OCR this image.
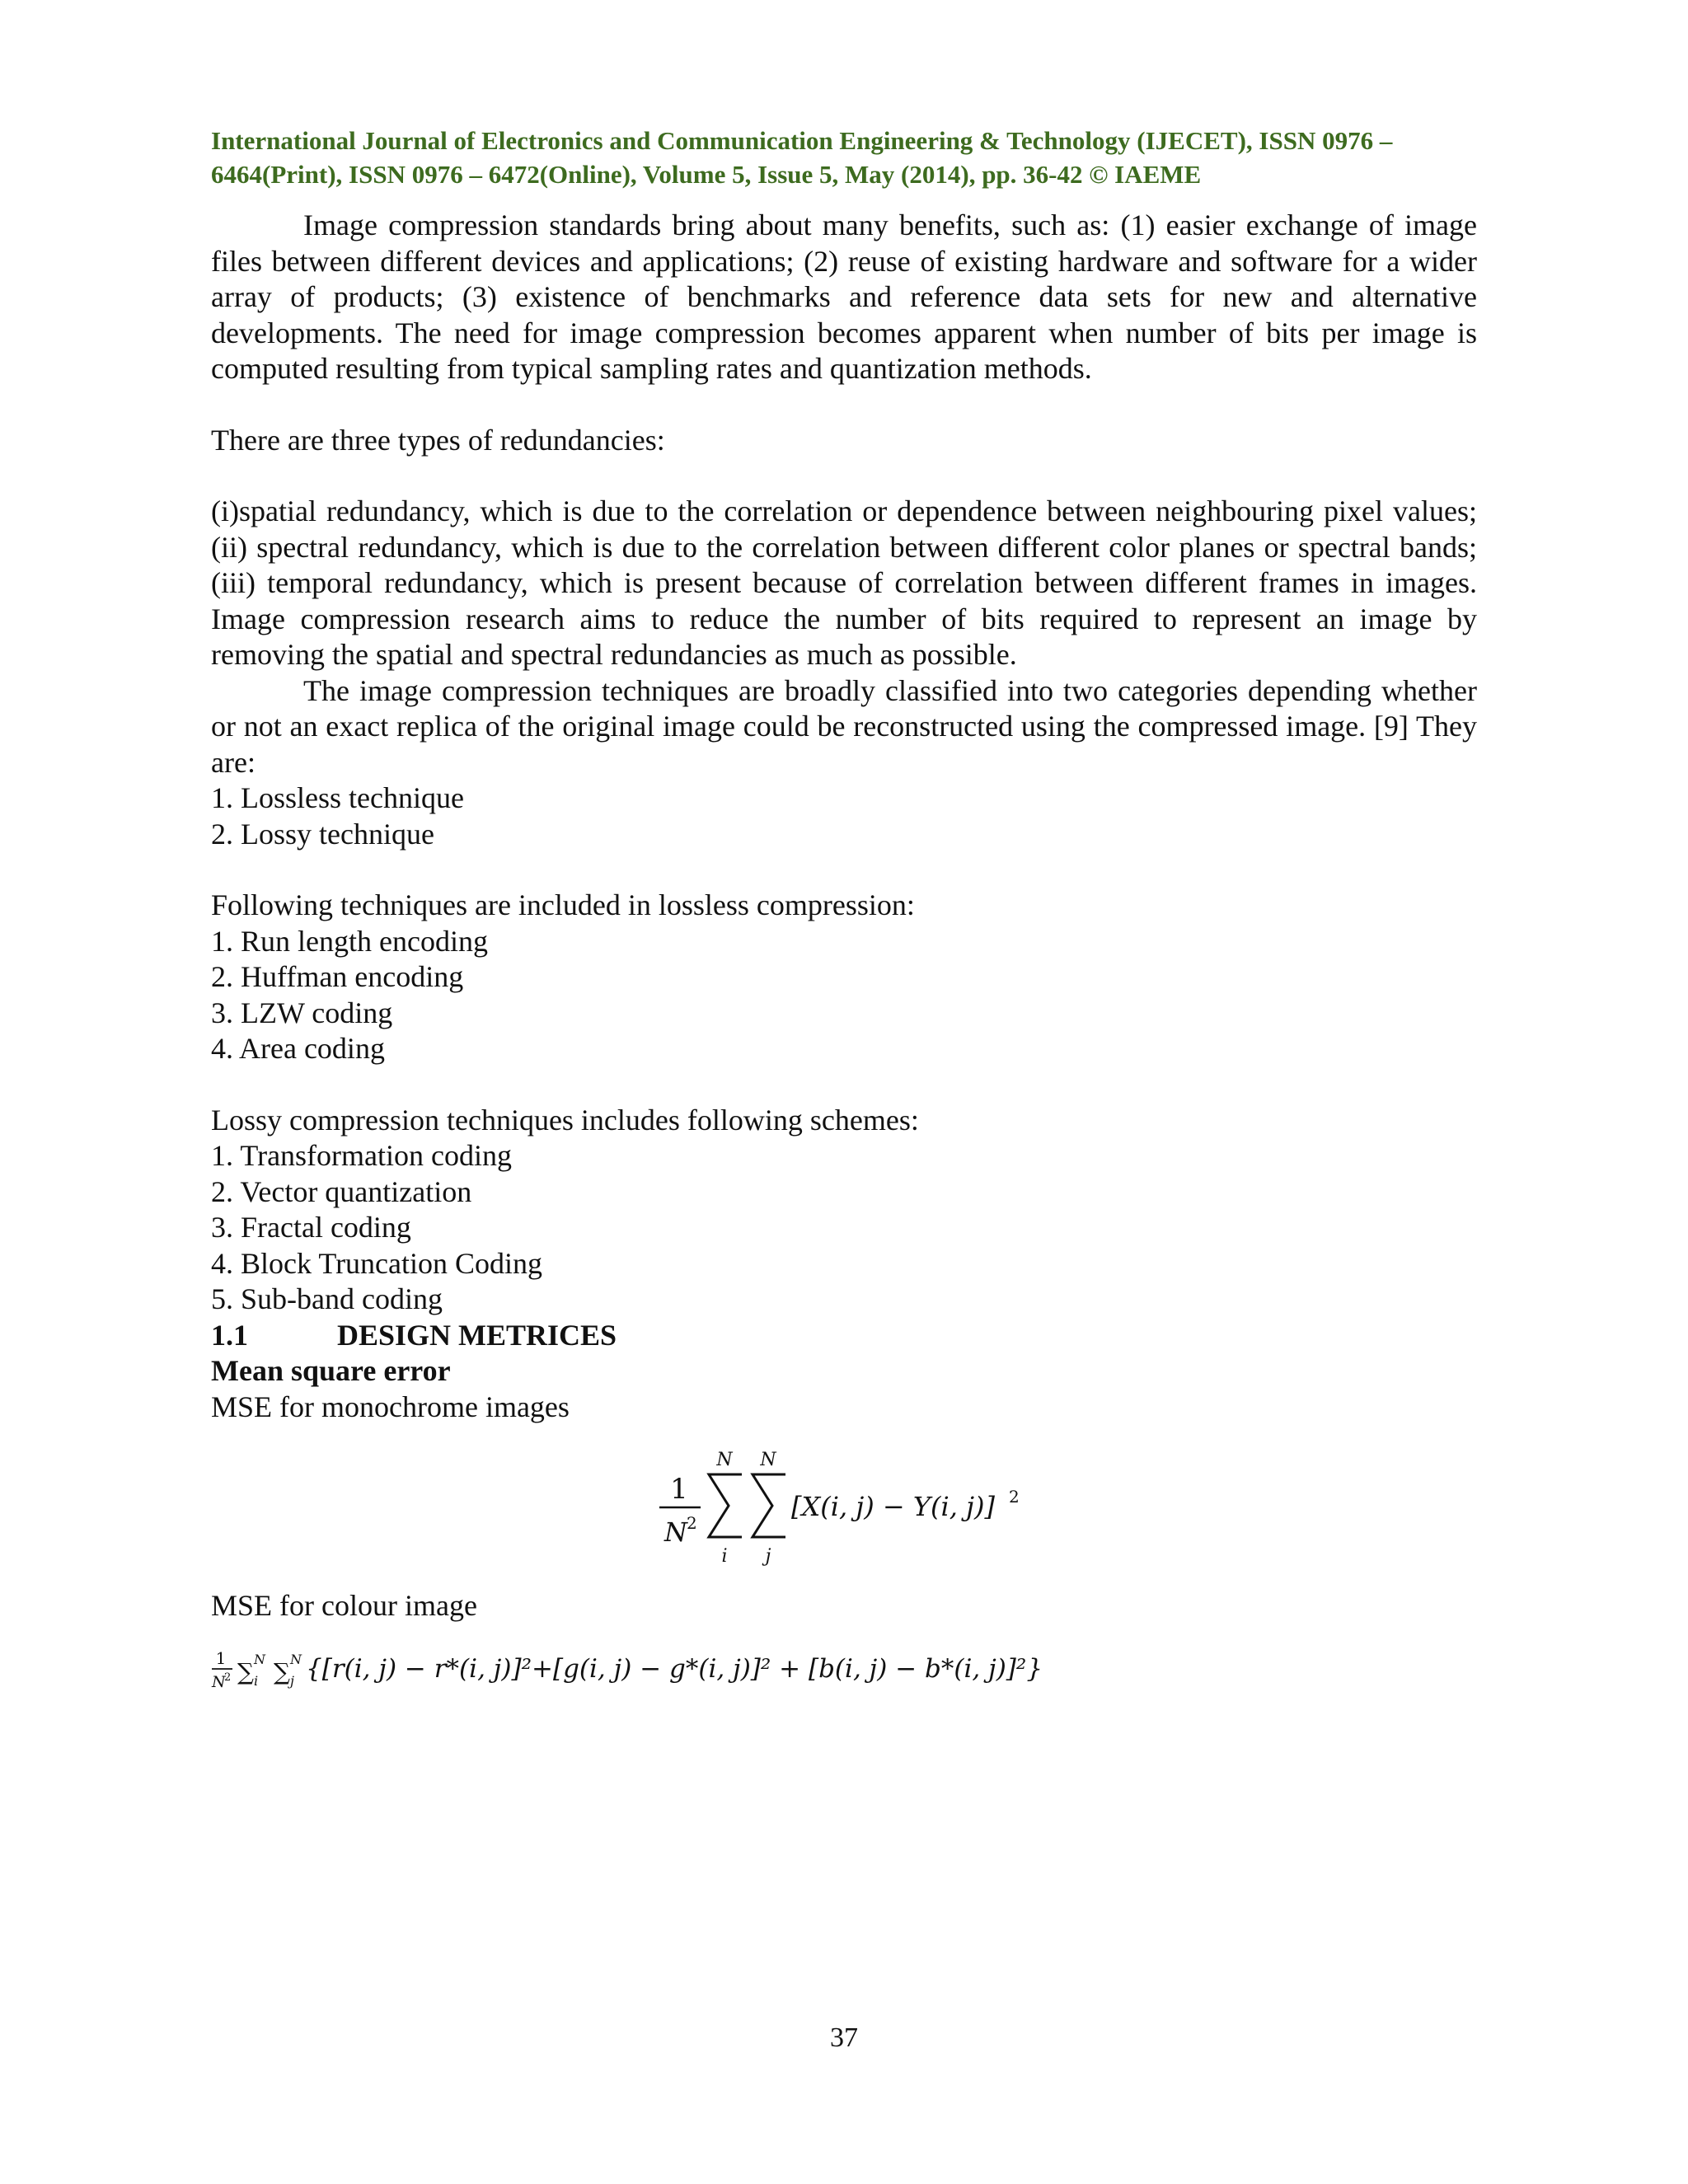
International Journal of Electronics and Communication Engineering & Technology (IJECET), ISSN 0976 –
6464(Print), ISSN 0976 – 6472(Online), Volume 5, Issue 5, May (2014), pp. 36-42 © IAEME

Image compression standards bring about many benefits, such as: (1) easier exchange of image files between different devices and applications; (2) reuse of existing hardware and software for a wider array of products; (3) existence of benchmarks and reference data sets for new and alternative developments. The need for image compression becomes apparent when number of bits per image is computed resulting from typical sampling rates and quantization methods.

There are three types of redundancies:

(i)spatial redundancy, which is due to the correlation or dependence between neighbouring pixel values; (ii) spectral redundancy, which is due to the correlation between different color planes or spectral bands; (iii) temporal redundancy, which is present because of correlation between different frames in images. Image compression research aims to reduce the number of bits required to represent an image by removing the spatial and spectral redundancies as much as possible.

The image compression techniques are broadly classified into two categories depending whether or not an exact replica of the original image could be reconstructed using the compressed image. [9] They are:

1. Lossless technique
2. Lossy technique

Following techniques are included in lossless compression:

1. Run length encoding
2. Huffman encoding
3. LZW coding
4. Area coding

Lossy compression techniques includes following schemes:

1. Transformation coding
2. Vector quantization
3. Fractal coding
4. Block Truncation Coding
5. Sub-band coding
1.1	DESIGN METRICES

Mean square error

MSE for monochrome images

1
N 2
N
i
N
j
[X(i, j) − Y(i, j)] 2

MSE for colour image

1
N
2 ∑ N
i ∑ N
j {[r(i, j) − r*(i, j)]²+[g(i, j) − g*(i, j)]² + [b(i, j) − b*(i, j)]²}
37
